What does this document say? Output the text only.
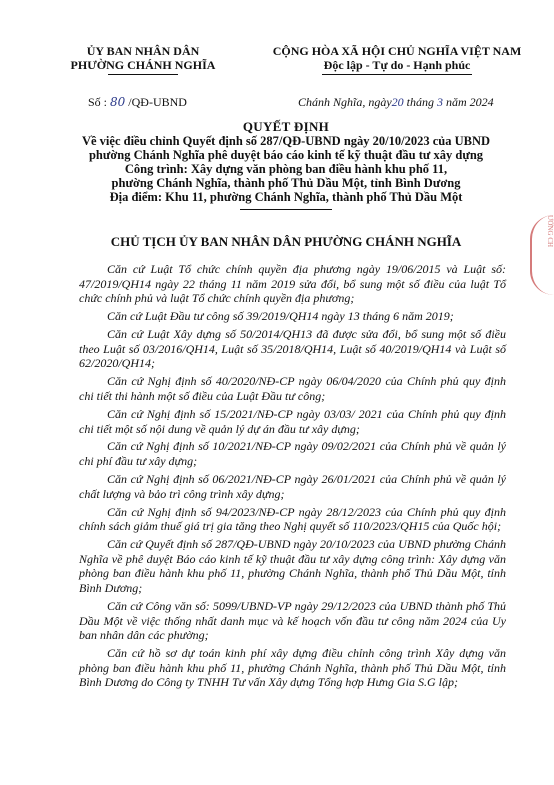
ỦY BAN NHÂN DÂN
PHƯỜNG CHÁNH NGHĨA
CỘNG HÒA XÃ HỘI CHỦ NGHĨA VIỆT NAM
Độc lập - Tự do - Hạnh phúc
Số : 80 /QĐ-UBND	Chánh Nghĩa, ngày20 tháng 3 năm 2024
QUYẾT ĐỊNH
Về việc điều chỉnh Quyết định số 287/QĐ-UBND ngày 20/10/2023 của UBND
phường Chánh Nghĩa phê duyệt báo cáo kinh tế kỹ thuật đầu tư xây dựng
Công trình: Xây dựng văn phòng ban điều hành khu phố 11,
phường Chánh Nghĩa, thành phố Thủ Dầu Một, tỉnh Bình Dương
Địa điểm: Khu 11, phường Chánh Nghĩa, thành phố Thủ Dầu Một
CHỦ TỊCH ỦY BAN NHÂN DÂN PHƯỜNG CHÁNH NGHĨA

Căn cứ Luật Tổ chức chính quyền địa phương ngày 19/06/2015 và Luật số: 47/2019/QH14 ngày 22 tháng 11 năm 2019 sửa đổi, bổ sung một số điều của luật Tổ chức chính phủ và luật Tổ chức chính quyền địa phương;

Căn cứ Luật Đầu tư công số 39/2019/QH14 ngày 13 tháng 6 năm 2019;

Căn cứ Luật Xây dựng số 50/2014/QH13 đã được sửa đổi, bổ sung một số điều theo Luật số 03/2016/QH14, Luật số 35/2018/QH14, Luật số 40/2019/QH14 và Luật số 62/2020/QH14;

Căn cứ Nghị định số 40/2020/NĐ-CP ngày 06/04/2020 của Chính phủ quy định chi tiết thi hành một số điều của Luật Đầu tư công;

Căn cứ Nghị định số 15/2021/NĐ-CP ngày 03/03/ 2021 của Chính phủ quy định chi tiết một số nội dung về quản lý dự án đầu tư xây dựng;

Căn cứ Nghị định số 10/2021/NĐ-CP ngày 09/02/2021 của Chính phủ về quản lý chi phí đầu tư xây dựng;

Căn cứ Nghị định số 06/2021/NĐ-CP ngày 26/01/2021 của Chính phủ về quản lý chất lượng và bảo trì công trình xây dựng;

Căn cứ Nghị định số 94/2023/NĐ-CP ngày 28/12/2023 của Chính phủ quy định chính sách giảm thuế giá trị gia tăng theo Nghị quyết số 110/2023/QH15 của Quốc hội;

Căn cứ Quyết định số 287/QĐ-UBND ngày 20/10/2023 của UBND phường Chánh Nghĩa về phê duyệt Báo cáo kinh tế kỹ thuật đầu tư xây dựng công trình: Xây dựng văn phòng ban điều hành khu phố 11, phường Chánh Nghĩa, thành phố Thủ Dầu Một, tỉnh Bình Dương;

Căn cứ Công văn số: 5099/UBND-VP ngày 29/12/2023 của UBND thành phố Thủ Dầu Một về việc thống nhất danh mục và kế hoạch vốn đầu tư công năm 2024 của Uy ban nhân dân các phường;

Căn cứ hồ sơ dự toán kinh phí xây dựng điều chỉnh công trình Xây dựng văn phòng ban điều hành khu phố 11, phường Chánh Nghĩa, thành phố Thủ Dầu Một, tỉnh Bình Dương do Công ty TNHH Tư vấn Xây dựng Tổng hợp Hưng Gia S.G lập;

ƯỜNG CH
